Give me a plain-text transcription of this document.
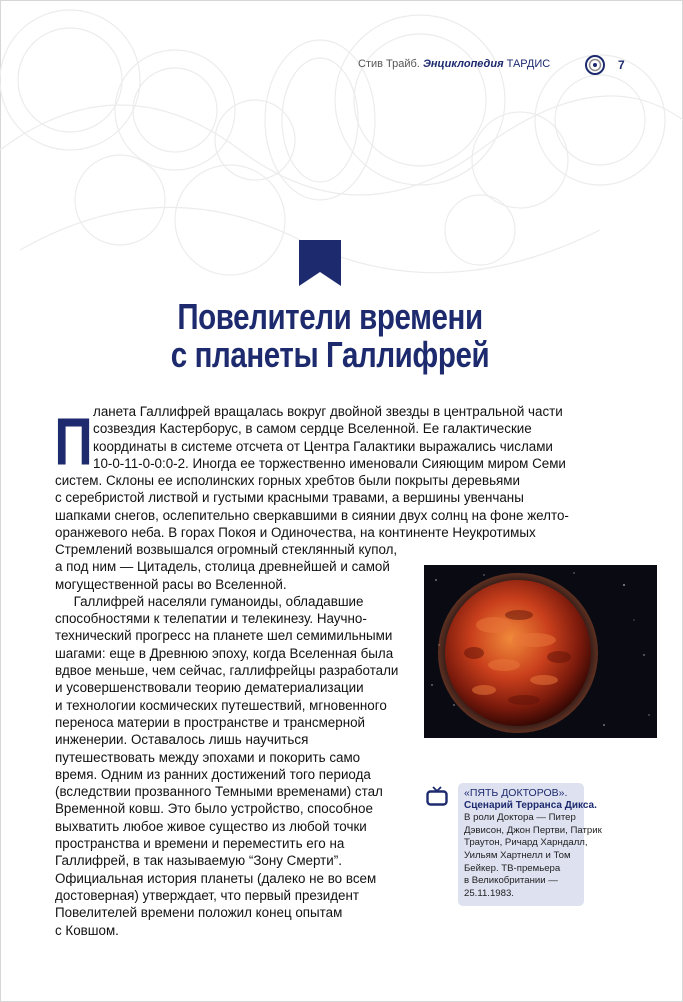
Стив Трайб. Энциклопедия ТАРДИС	7
Повелители времени
с планеты Галлифрей
П ланета Галлифрей вращалась вокруг двойной звезды в центральной части
созвездия Кастерборус, в самом сердце Вселенной. Ее галактические
координаты в системе отсчета от Центра Галактики выражались числами
10-0-11-0-0:0-2. Иногда ее торжественно именовали Сияющим миром Семи
систем. Склоны ее исполинских горных хребтов были покрыты деревьями
с серебристой листвой и густыми красными травами, а вершины увенчаны
шапками снегов, ослепительно сверкавшими в сиянии двух солнц на фоне желто-
оранжевого неба. В горах Покоя и Одиночества, на континенте Неукротимых
Стремлений возвышался огромный стеклянный купол,
а под ним — Цитадель, столица древнейшей и самой
могущественной расы во Вселенной.
Галлифрей населяли гуманоиды, обладавшие
способностями к телепатии и телекинезу. Научно-
технический прогресс на планете шел семимильными
шагами: еще в Древнюю эпоху, когда Вселенная была
вдвое меньше, чем сейчас, галлифрейцы разработали
и усовершенствовали теорию дематериализации
и технологии космических путешествий, мгновенного
переноса материи в пространстве и трансмерной
инженерии. Оставалось лишь научиться
путешествовать между эпохами и покорить само
время. Одним из ранних достижений того периода
(вследствии прозванного Темными временами) стал
Временной ковш. Это было устройство, способное
выхватить любое живое существо из любой точки
пространства и времени и переместить его на
Галлифрей, в так называемую “Зону Смерти”.
Официальная история планеты (далеко не во всем
достоверная) утверждает, что первый президент
Повелителей времени положил конец опытам
с Ковшом.
«ПЯТЬ ДОКТОРОВ».
Сценарий Терранса Дикса.
В роли Доктора — Питер
Дэвисон, Джон Пертви, Патрик
Траутон, Ричард Харндалл,
Уильям Хартнелл и Том
Бейкер. ТВ-премьера
в Великобритании —
25.11.1983.
